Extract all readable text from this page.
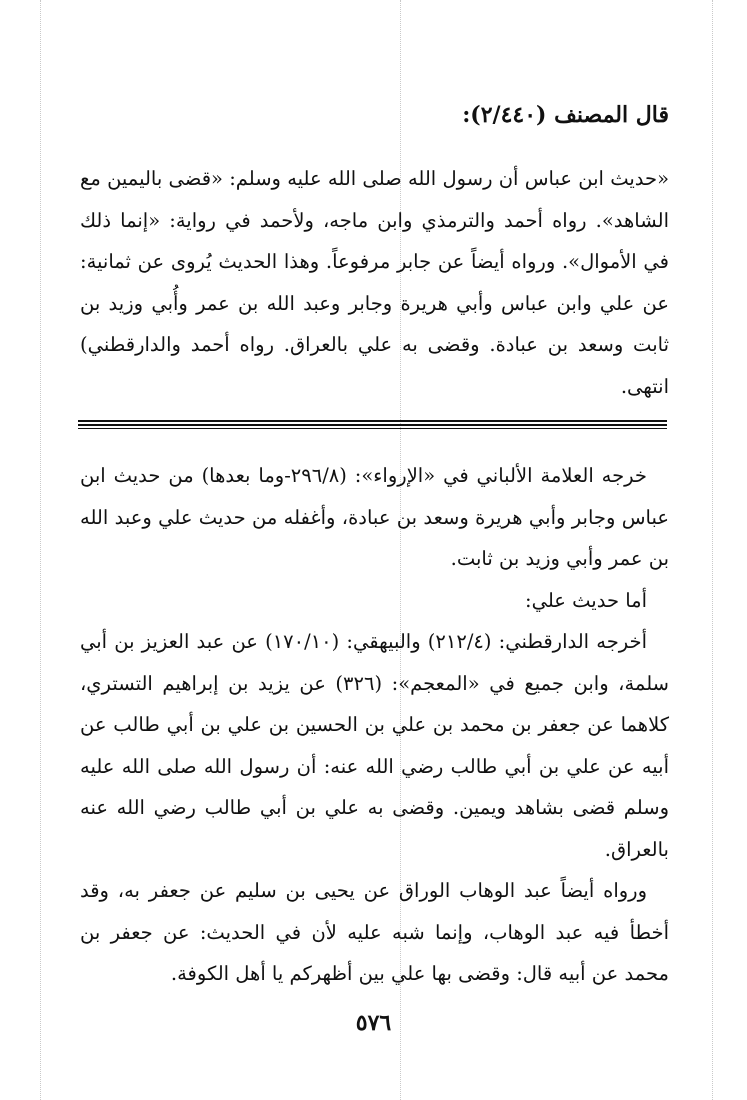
قال المصنف (٢/٤٤٠):

«حديث ابن عباس أن رسول الله صلى الله عليه وسلم: «قضى باليمين مع الشاهد». رواه أحمد والترمذي وابن ماجه، ولأحمد في رواية: «إنما ذلك في الأموال». ورواه أيضاً عن جابر مرفوعاً. وهذا الحديث يُروى عن ثمانية: عن علي وابن عباس وأبي هريرة وجابر وعبد الله بن عمر وأُبي وزيد بن ثابت وسعد بن عبادة. وقضى به علي بالعراق. رواه أحمد والدارقطني) انتهى.

خرجه العلامة الألباني في «الإرواء»: (٢٩٦/٨-وما بعدها) من حديث ابن عباس وجابر وأبي هريرة وسعد بن عبادة، وأغفله من حديث علي وعبد الله بن عمر وأبي وزيد بن ثابت.

أما حديث علي:

أخرجه الدارقطني: (٢١٢/٤) والبيهقي: (١٧٠/١٠) عن عبد العزيز بن أبي سلمة، وابن جميع في «المعجم»: (٣٢٦) عن يزيد بن إبراهيم التستري، كلاهما عن جعفر بن محمد بن علي بن الحسين بن علي بن أبي طالب عن أبيه عن علي بن أبي طالب رضي الله عنه: أن رسول الله صلى الله عليه وسلم قضى بشاهد ويمين. وقضى به علي بن أبي طالب رضي الله عنه بالعراق.

ورواه أيضاً عبد الوهاب الوراق عن يحيى بن سليم عن جعفر به، وقد أخطأ فيه عبد الوهاب، وإنما شبه عليه لأن في الحديث: عن جعفر بن محمد عن أبيه قال: وقضى بها علي بين أظهركم يا أهل الكوفة.

٥٧٦
